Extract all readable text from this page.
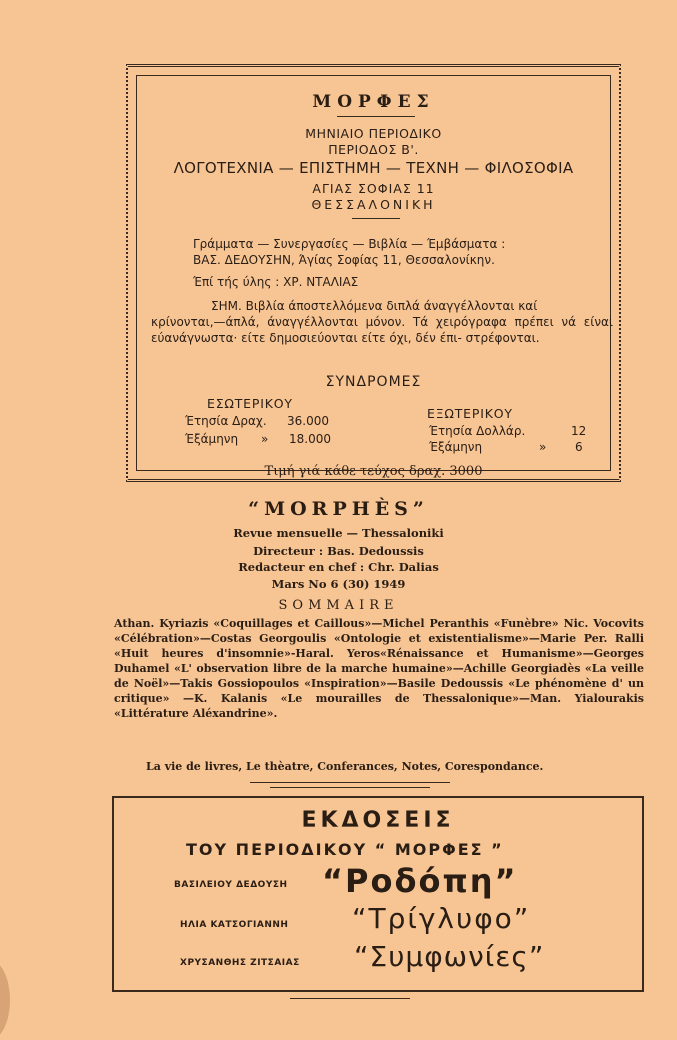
ΜΟΡΦΕΣ
ΜΗΝΙΑΙΟ ΠΕΡΙΟΔΙΚΟ
ΠΕΡΙΟΔΟΣ Β'.
ΛΟΓΟΤΕΧΝΙΑ — ΕΠΙΣΤΗΜΗ — ΤΕΧΝΗ — ΦΙΛΟΣΟΦΙΑ
ΑΓΙΑΣ ΣΟΦΙΑΣ 11
ΘΕΣΣΑΛΟΝΙΚΗ
Γράμματα — Συνεργασίες — Βιβλία — Έμβάσματα :
ΒΑΣ. ΔΕΔΟΥΣΗΝ, Άγίας Σοφίας 11, Θεσσαλονίκην.
Έπί τής ύλης : ΧΡ. ΝΤΑΛΙΑΣ
ΣΗΜ. Βιβλία άποστελλόμενα διπλά άναγγέλλονται καί
κρίνονται,—άπλά, άναγγέλλονται μόνον. Τά χειρόγραφα πρέπει νά είναι εύανάγνωστα· είτε δημοσιεύονται είτε όχι, δέν έπι- στρέφονται.
ΣΥΝΔΡΟΜΕΣ
ΕΣΩΤΕΡΙΚΟΥ
Έτησία Δραχ. 36.000
Έξάμηνη » 18.000
ΕΞΩΤΕΡΙΚΟΥ
Έτησία Δολλάρ.	12
Έξάμηνη	» 6
Τιμή γιά κάθε τεύχος δραχ. 3000
“MORPHÈS”
Revue mensuelle — Thessaloniki
Directeur : Bas. Dedoussis
Redacteur en chef : Chr. Dalias
Mars No 6 (30) 1949
SOMMAIRE
Athan. Kyriazis «Coquillages et Caillous»—Michel Peranthis «Funèbre» Nic. Vocovits «Célébration»—Costas Georgoulis «Ontologie et existentialisme»—Marie Per. Ralli «Huit heures d'insomnie»-Haral. Yeros«Rénaissance et Humanisme»—Georges Duhamel «L' observation libre de la marche humaine»—Achille Georgiadès «La veille de Noël»—Takis Gossiopoulos «Inspiration»—Basile Dedoussis «Le phénomène d' un critique» —K. Kalanis «Le mourailles de Thessalonique»—Man. Yialourakis «Littérature Aléxandrine».
La vie de livres, Le thèatre, Conferances, Notes, Corespondance.
ΕΚΔΟΣΕΙΣ
ΤΟΥ ΠΕΡΙΟΔΙΚΟΥ “ ΜΟΡΦΕΣ ”
ΒΑΣΙΛΕΙΟΥ ΔΕΔΟΥΣΗ “Ροδόπη”
ΗΛΙΑ ΚΑΤΣΟΓΙΑΝΝΗ “Τρίγλυφο”
ΧΡΥΣΑΝΘΗΣ ΖΙΤΣΑΙΑΣ “Συμφωνίες”
